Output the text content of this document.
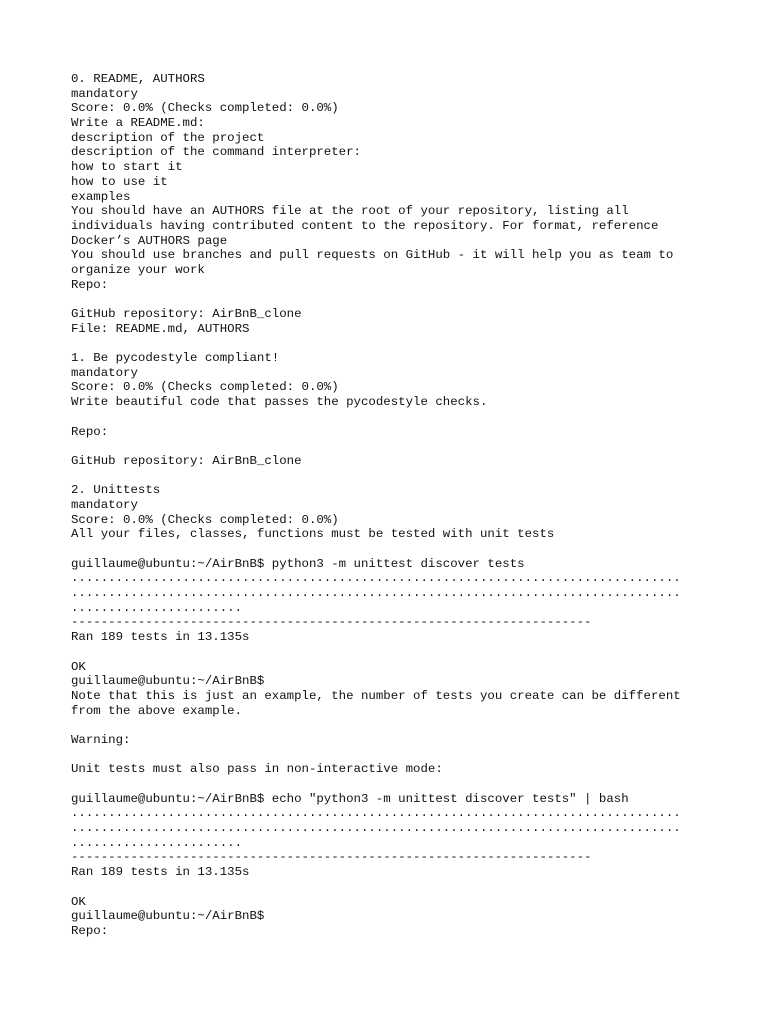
0. README, AUTHORS
mandatory
Score: 0.0% (Checks completed: 0.0%)
Write a README.md:
description of the project
description of the command interpreter:
how to start it
how to use it
examples
You should have an AUTHORS file at the root of your repository, listing all
individuals having contributed content to the repository. For format, reference
Docker’s AUTHORS page
You should use branches and pull requests on GitHub - it will help you as team to
organize your work
Repo:
GitHub repository: AirBnB_clone
File: README.md, AUTHORS
1. Be pycodestyle compliant!
mandatory
Score: 0.0% (Checks completed: 0.0%)
Write beautiful code that passes the pycodestyle checks.
Repo:
GitHub repository: AirBnB_clone
2. Unittests
mandatory
Score: 0.0% (Checks completed: 0.0%)
All your files, classes, functions must be tested with unit tests
guillaume@ubuntu:~/AirBnB$ python3 -m unittest discover tests
..................................................................................
..................................................................................
.......................
----------------------------------------------------------------------
Ran 189 tests in 13.135s
OK
guillaume@ubuntu:~/AirBnB$
Note that this is just an example, the number of tests you create can be different
from the above example.
Warning:
Unit tests must also pass in non-interactive mode:
guillaume@ubuntu:~/AirBnB$ echo "python3 -m unittest discover tests" | bash
..................................................................................
..................................................................................
.......................
----------------------------------------------------------------------
Ran 189 tests in 13.135s
OK
guillaume@ubuntu:~/AirBnB$
Repo:
